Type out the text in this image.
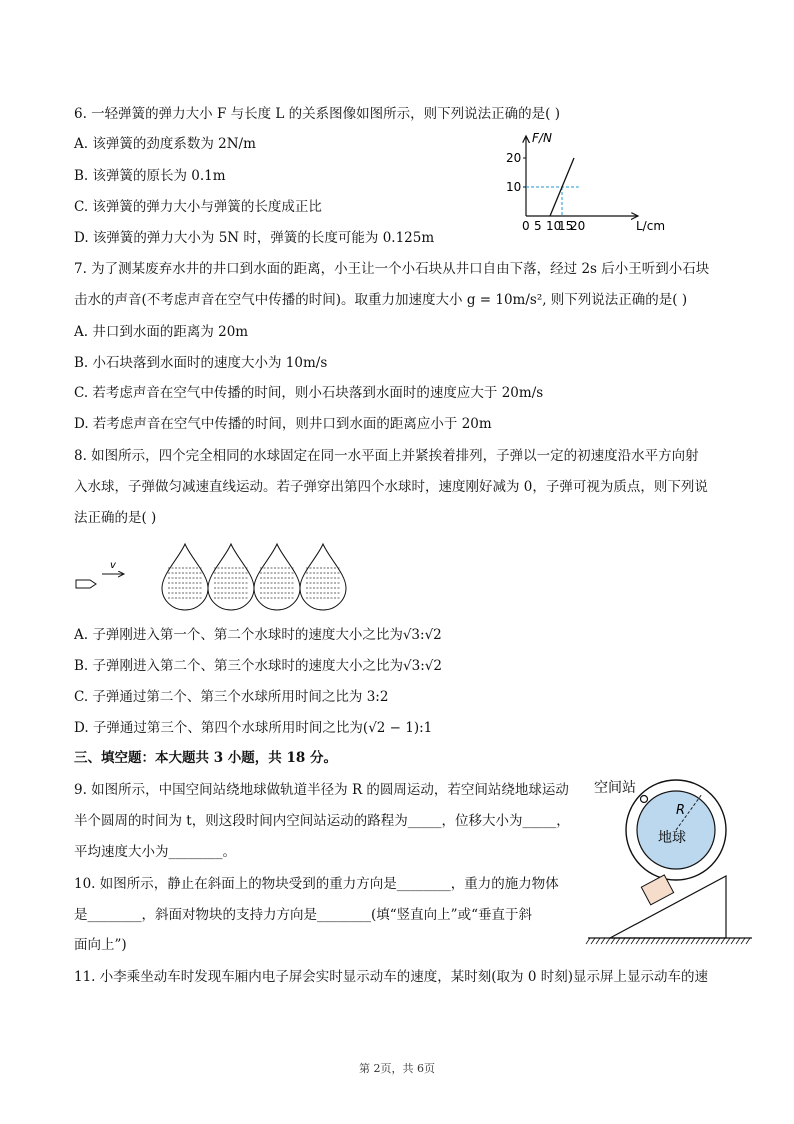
6. 一轻弹簧的弹力大小 F 与长度 L 的关系图像如图所示，则下列说法正确的是( )
A. 该弹簧的劲度系数为 2N/m
B. 该弹簧的原长为 0.1m
C. 该弹簧的弹力大小与弹簧的长度成正比
D. 该弹簧的弹力大小为 5N 时，弹簧的长度可能为 0.125m
F/N
L/cm
0 5 10
15
20
10
20
7. 为了测某废弃水井的井口到水面的距离，小王让一个小石块从井口自由下落，经过 2s 后小王听到小石块
击水的声音(不考虑声音在空气中传播的时间)。取重力加速度大小 g = 10m/s², 则下列说法正确的是( )
A. 井口到水面的距离为 20m
B. 小石块落到水面时的速度大小为 10m/s
C. 若考虑声音在空气中传播的时间，则小石块落到水面时的速度应大于 20m/s
D. 若考虑声音在空气中传播的时间，则井口到水面的距离应小于 20m
8. 如图所示，四个完全相同的水球固定在同一水平面上并紧挨着排列，子弹以一定的初速度沿水平方向射
入水球，子弹做匀减速直线运动。若子弹穿出第四个水球时，速度刚好减为 0，子弹可视为质点，则下列说
法正确的是( )
v
A. 子弹刚进入第一个、第二个水球时的速度大小之比为√3:√2
B. 子弹刚进入第二个、第三个水球时的速度大小之比为√3:√2
C. 子弹通过第二个、第三个水球所用时间之比为 3:2
D. 子弹通过第三个、第四个水球所用时间之比为(√2 − 1):1
三、填空题：本大题共 3 小题，共 18 分。
9. 如图所示，中国空间站绕地球做轨道半径为 R 的圆周运动，若空间站绕地球运动
半个圆周的时间为 t，则这段时间内空间站运动的路程为_____，位移大小为_____，
平均速度大小为________。
空间站
R
地球
10. 如图所示，静止在斜面上的物块受到的重力方向是________，重力的施力物体
是________，斜面对物块的支持力方向是________(填“竖直向上”或“垂直于斜
面向上”)
11. 小李乘坐动车时发现车厢内电子屏会实时显示动车的速度，某时刻(取为 0 时刻)显示屏上显示动车的速
第 2页，共 6页
